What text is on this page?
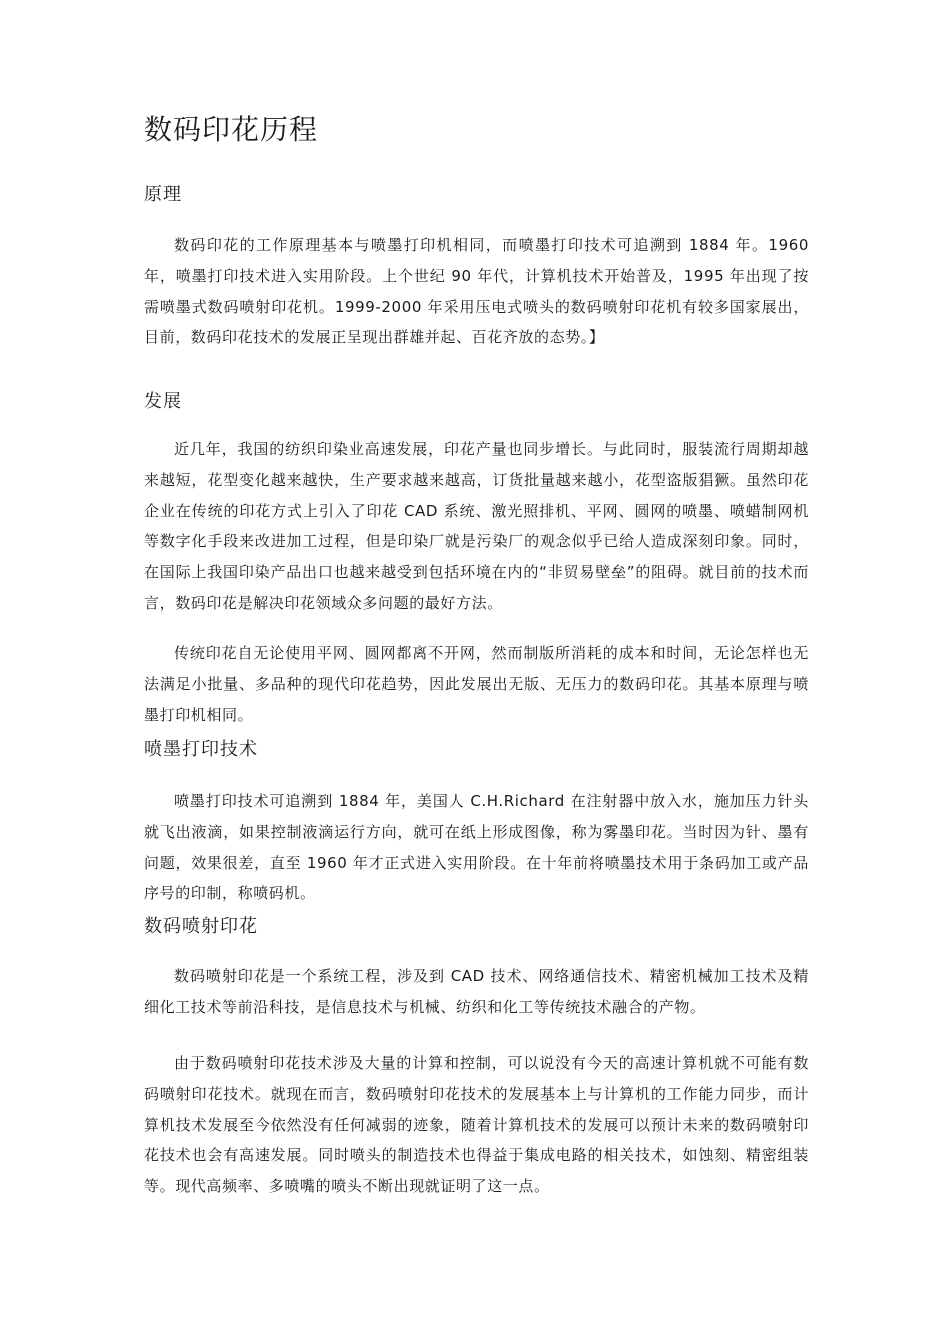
数码印花历程
原理

数码印花的工作原理基本与喷墨打印机相同，而喷墨打印技术可追溯到 1884 年。1960 年，喷墨打印技术进入实用阶段。上个世纪 90 年代，计算机技术开始普及，1995 年出现了按需喷墨式数码喷射印花机。1999-2000 年采用压电式喷头的数码喷射印花机有较多国家展出，目前，数码印花技术的发展正呈现出群雄并起、百花齐放的态势。】

发展

近几年，我国的纺织印染业高速发展，印花产量也同步增长。与此同时，服装流行周期却越来越短，花型变化越来越快，生产要求越来越高，订货批量越来越小，花型盗版猖獗。虽然印花企业在传统的印花方式上引入了印花 CAD 系统、激光照排机、平网、圆网的喷墨、喷蜡制网机等数字化手段来改进加工过程，但是印染厂就是污染厂的观念似乎已给人造成深刻印象。同时，在国际上我国印染产品出口也越来越受到包括环境在内的“非贸易壁垒”的阻碍。就目前的技术而言，数码印花是解决印花领域众多问题的最好方法。

传统印花自无论使用平网、圆网都离不开网，然而制版所消耗的成本和时间，无论怎样也无法满足小批量、多品种的现代印花趋势，因此发展出无版、无压力的数码印花。其基本原理与喷墨打印机相同。

喷墨打印技术

喷墨打印技术可追溯到 1884 年，美国人 C.H.Richard 在注射器中放入水，施加压力针头就飞出液滴，如果控制液滴运行方向，就可在纸上形成图像，称为雾墨印花。当时因为针、墨有问题，效果很差，直至 1960 年才正式进入实用阶段。在十年前将喷墨技术用于条码加工或产品序号的印制，称喷码机。

数码喷射印花

数码喷射印花是一个系统工程，涉及到 CAD 技术、网络通信技术、精密机械加工技术及精细化工技术等前沿科技，是信息技术与机械、纺织和化工等传统技术融合的产物。

由于数码喷射印花技术涉及大量的计算和控制，可以说没有今天的高速计算机就不可能有数码喷射印花技术。就现在而言，数码喷射印花技术的发展基本上与计算机的工作能力同步，而计算机技术发展至今依然没有任何减弱的迹象，随着计算机技术的发展可以预计未来的数码喷射印花技术也会有高速发展。同时喷头的制造技术也得益于集成电路的相关技术，如蚀刻、精密组装等。现代高频率、多喷嘴的喷头不断出现就证明了这一点。
